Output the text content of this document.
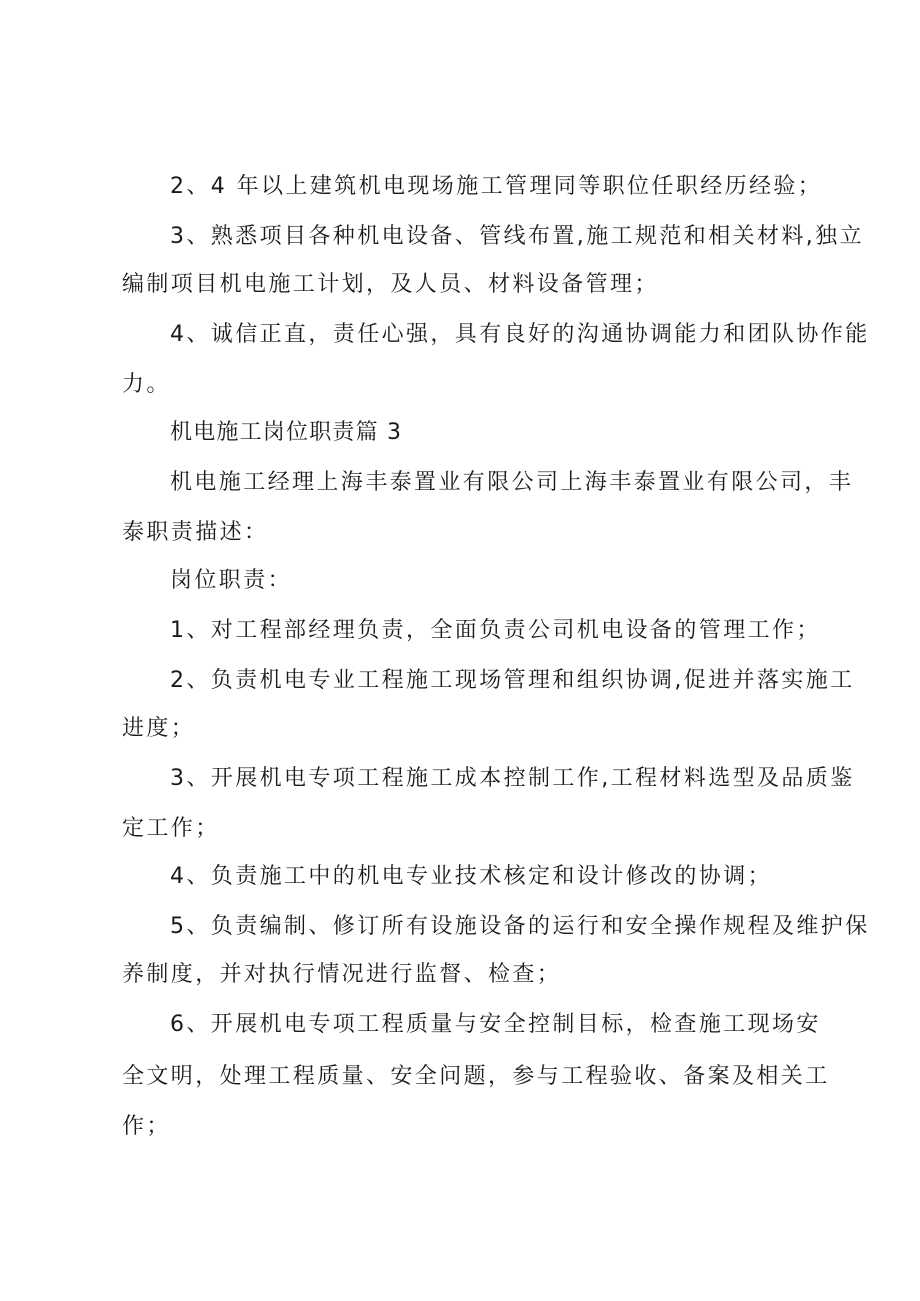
2、4 年以上建筑机电现场施工管理同等职位任职经历经验；
3、熟悉项目各种机电设备、管线布置,施工规范和相关材料,独立
编制项目机电施工计划，及人员、材料设备管理；
4、诚信正直，责任心强，具有良好的沟通协调能力和团队协作能
力。
机电施工岗位职责篇 3
机电施工经理上海丰泰置业有限公司上海丰泰置业有限公司，丰
泰职责描述：
岗位职责：
1、对工程部经理负责，全面负责公司机电设备的管理工作；
2、负责机电专业工程施工现场管理和组织协调,促进并落实施工
进度；
3、开展机电专项工程施工成本控制工作,工程材料选型及品质鉴
定工作；
4、负责施工中的机电专业技术核定和设计修改的协调；
5、负责编制、修订所有设施设备的运行和安全操作规程及维护保
养制度，并对执行情况进行监督、检查；
6、开展机电专项工程质量与安全控制目标，检查施工现场安
全文明，处理工程质量、安全问题，参与工程验收、备案及相关工
作；
